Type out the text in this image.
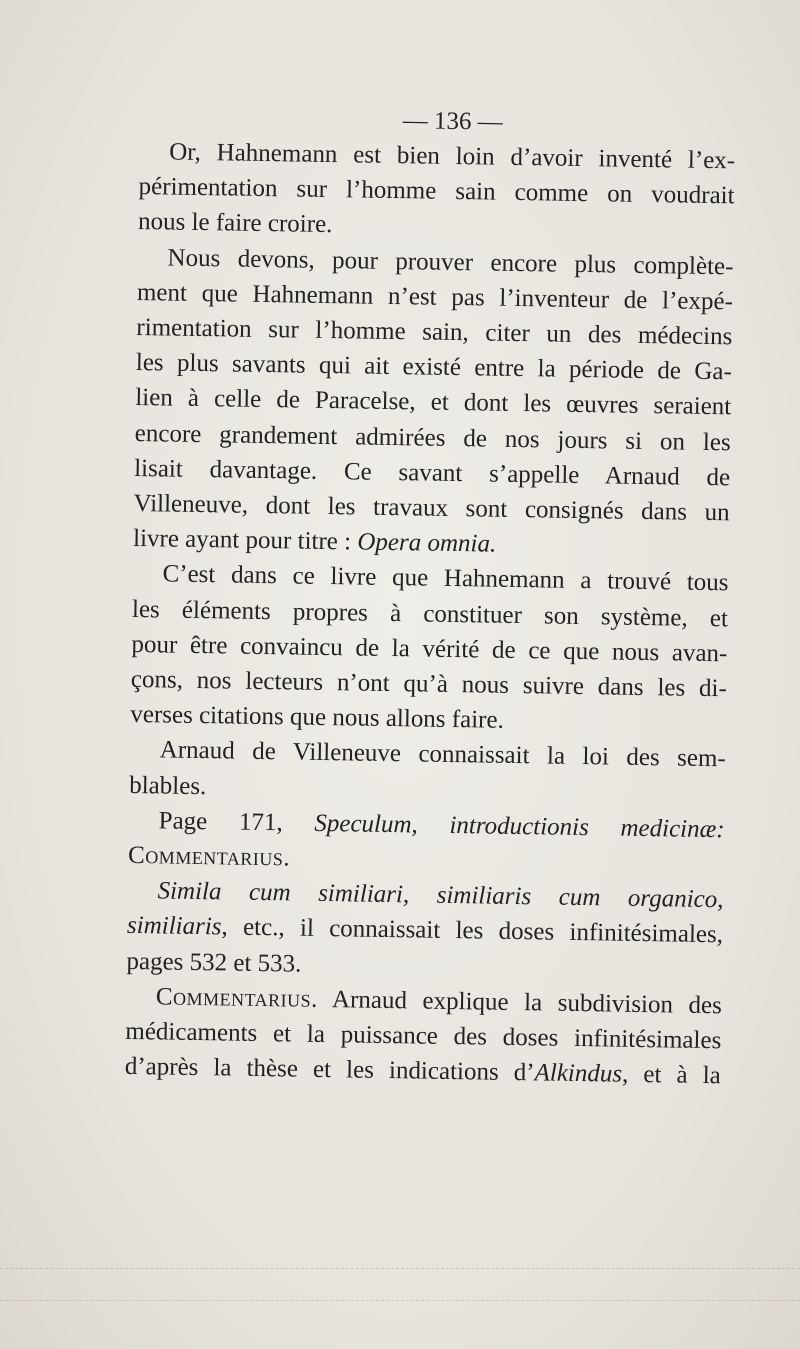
— 136 —
Or, Hahnemann est bien loin d’avoir inventé l’ex-
périmentation sur l’homme sain comme on voudrait
nous le faire croire.
Nous devons, pour prouver encore plus complète-
ment que Hahnemann n’est pas l’inventeur de l’expé-
rimentation sur l’homme sain, citer un des médecins
les plus savants qui ait existé entre la période de Ga-
lien à celle de Paracelse, et dont les œuvres seraient
encore grandement admirées de nos jours si on les
lisait davantage. Ce savant s’appelle Arnaud de
Villeneuve, dont les travaux sont consignés dans un
livre ayant pour titre : Opera omnia.
C’est dans ce livre que Hahnemann a trouvé tous
les éléments propres à constituer son système, et
pour être convaincu de la vérité de ce que nous avan-
çons, nos lecteurs n’ont qu’à nous suivre dans les di-
verses citations que nous allons faire.
Arnaud de Villeneuve connaissait la loi des sem-
blables.
Page 171, Speculum, introductionis medicinæ:
Commentarius.
Simila cum similiari, similiaris cum organico,
similiaris, etc., il connaissait les doses infinitésimales,
pages 532 et 533.
Commentarius. Arnaud explique la subdivision des
médicaments et la puissance des doses infinitésimales
d’après la thèse et les indications d’Alkindus, et à la
